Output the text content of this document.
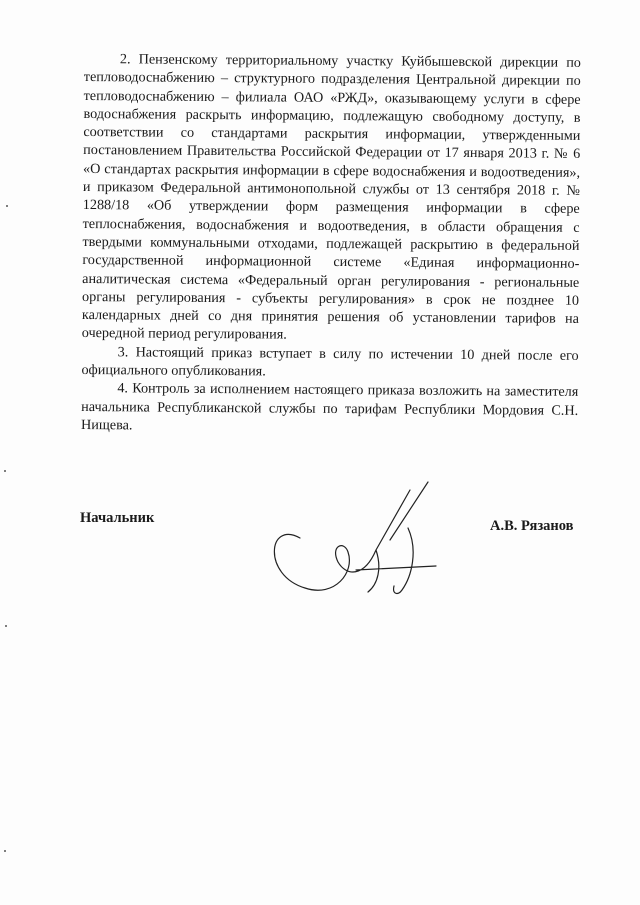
2. Пензенскому территориальному участку Куйбышевской дирекции по тепловодоснабжению – структурного подразделения Центральной дирекции по тепловодоснабжению – филиала ОАО «РЖД», оказывающему услуги в сфере водоснабжения раскрыть информацию, подлежащую свободному доступу, в соответствии со стандартами раскрытия информации, утвержденными постановлением Правительства Российской Федерации от 17 января 2013 г. № 6 «О стандартах раскрытия информации в сфере водоснабжения и водоотведения», и приказом Федеральной антимонопольной службы от 13 сентября 2018 г. № 1288/18 «Об утверждении форм размещения информации в сфере теплоснабжения, водоснабжения и водоотведения, в области обращения с твердыми коммунальными отходами, подлежащей раскрытию в федеральной государственной информационной системе «Единая информационно-аналитическая система «Федеральный орган регулирования - региональные органы регулирования - субъекты регулирования» в срок не позднее 10 календарных дней со дня принятия решения об установлении тарифов на очередной период регулирования.

3. Настоящий приказ вступает в силу по истечении 10 дней после его официального опубликования.

4. Контроль за исполнением настоящего приказа возложить на заместителя начальника Республиканской службы по тарифам Республики Мордовия С.Н. Нищева.

Начальник	А.В. Рязанов
